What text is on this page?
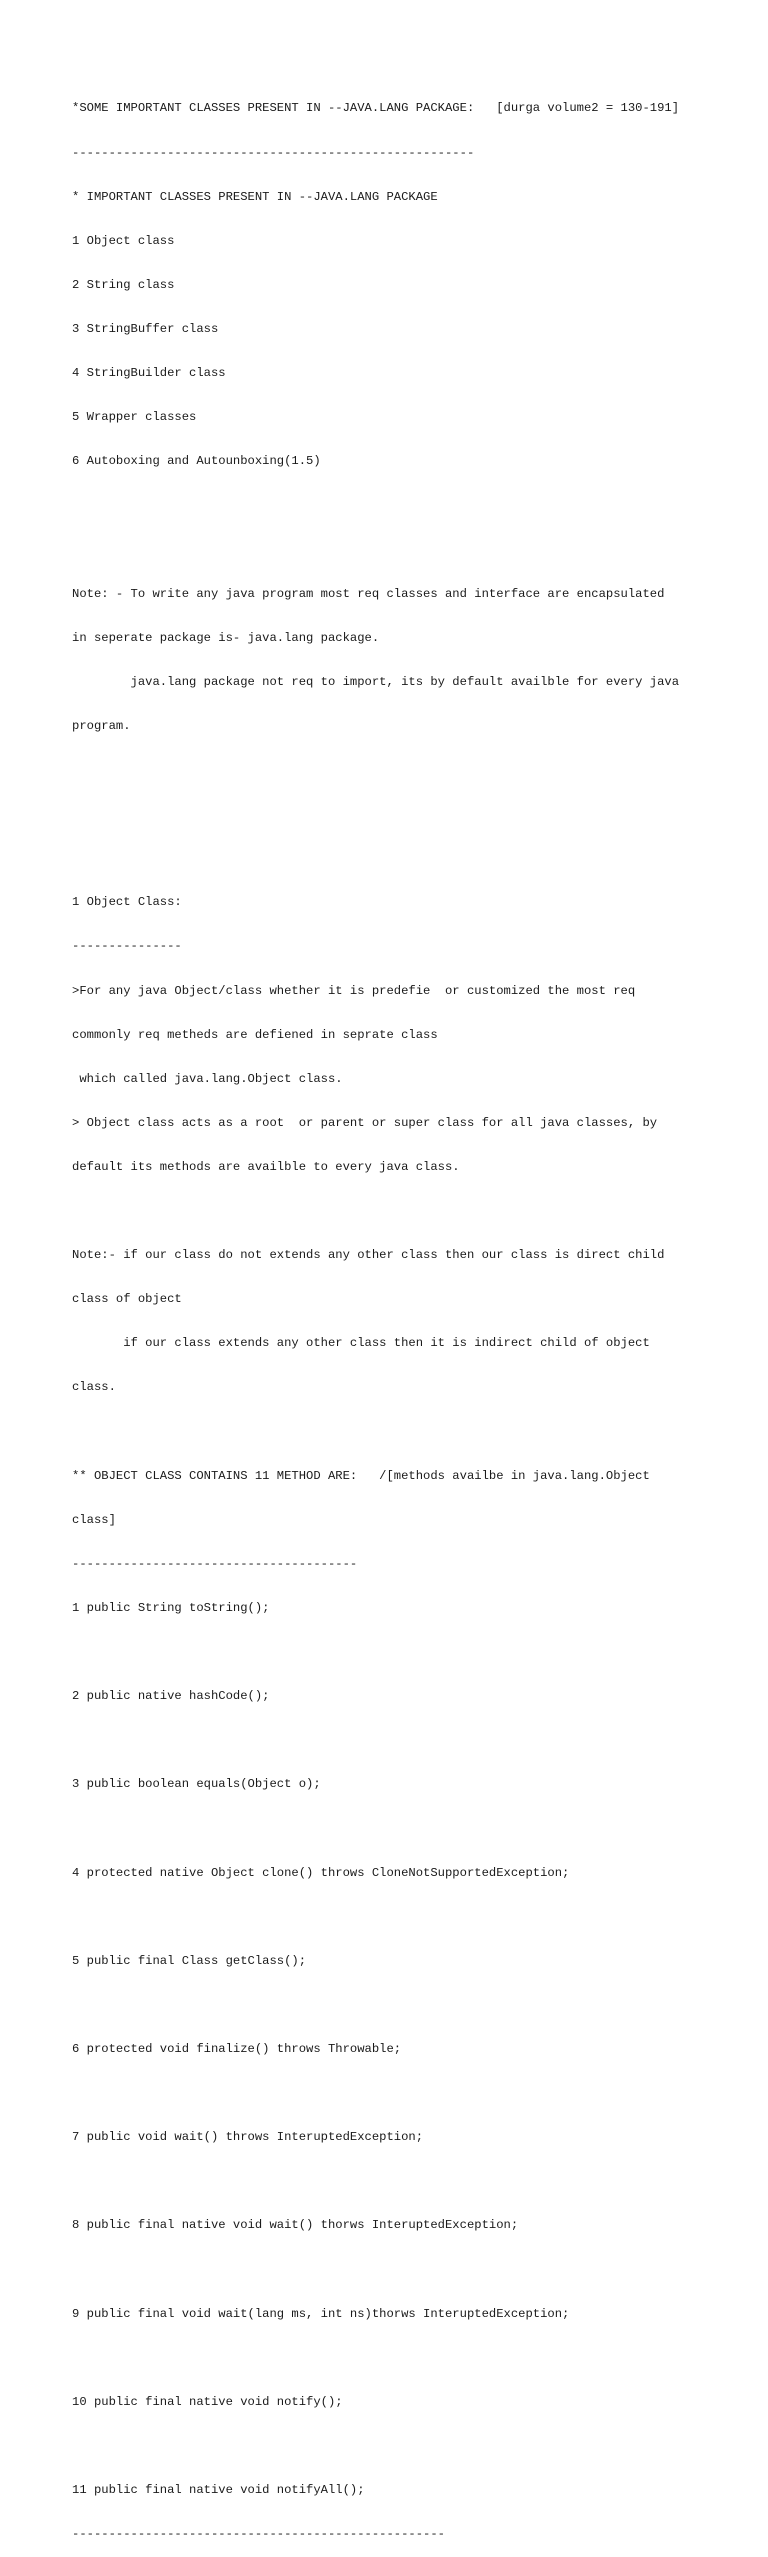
*SOME IMPORTANT CLASSES PRESENT IN --JAVA.LANG PACKAGE:   [durga volume2 = 130-191]

-------------------------------------------------------

* IMPORTANT CLASSES PRESENT IN --JAVA.LANG PACKAGE

1 Object class

2 String class

3 StringBuffer class

4 StringBuilder class

5 Wrapper classes

6 Autoboxing and Autounboxing(1.5)

Note: - To write any java program most req classes and interface are encapsulated

in seperate package is- java.lang package.

java.lang package not req to import, its by default availble for every java

program.

1 Object Class:

---------------

>For any java Object/class whether it is predefie  or customized the most req

commonly req metheds are defiened in seprate class

which called java.lang.Object class.

> Object class acts as a root  or parent or super class for all java classes, by

default its methods are availble to every java class.

Note:- if our class do not extends any other class then our class is direct child

class of object

if our class extends any other class then it is indirect child of object

class.

** OBJECT CLASS CONTAINS 11 METHOD ARE:   /[methods availbe in java.lang.Object

class]

---------------------------------------

1 public String toString();

2 public native hashCode();

3 public boolean equals(Object o);

4 protected native Object clone() throws CloneNotSupportedException;

5 public final Class getClass();

6 protected void finalize() throws Throwable;

7 public void wait() throws InteruptedException;

8 public final native void wait() thorws InteruptedException;

9 public final void wait(lang ms, int ns)thorws InteruptedException;

10 public final native void notify();

11 public final native void notifyAll();

---------------------------------------------------
